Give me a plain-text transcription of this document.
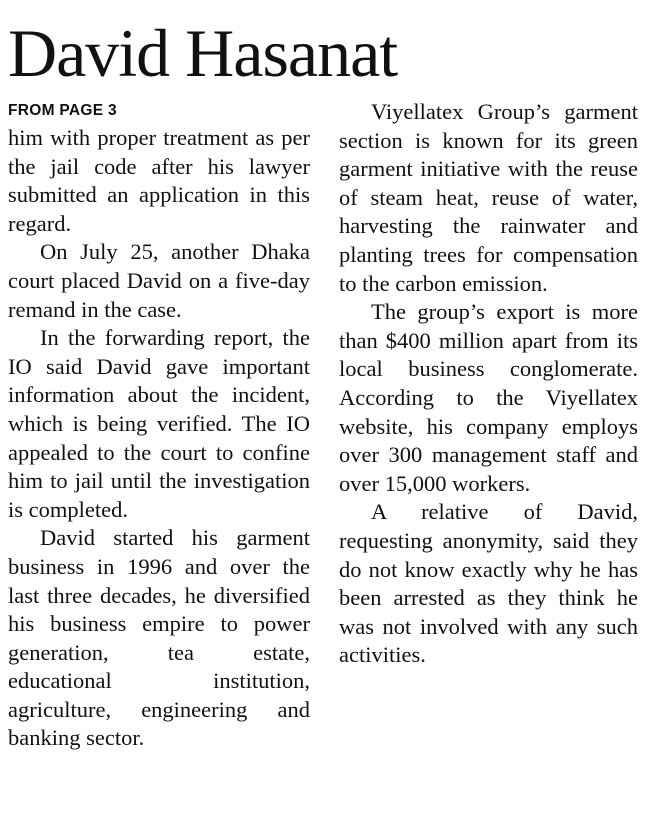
David Hasanat
FROM PAGE 3

him with proper treatment as per the jail code after his lawyer submitted an application in this regard.

On July 25, another Dhaka court placed David on a five-day remand in the case.

In the forwarding report, the IO said David gave important information about the incident, which is being verified. The IO appealed to the court to confine him to jail until the investigation is completed.

David started his garment business in 1996 and over the last three decades, he diversified his business empire to power generation, tea estate, educational institution, agriculture, engineering and banking sector.

Viyellatex Group’s garment section is known for its green garment initiative with the reuse of steam heat, reuse of water, harvesting the rainwater and planting trees for compensation to the carbon emission.

The group’s export is more than $400 million apart from its local business conglomerate. According to the Viyellatex website, his company employs over 300 management staff and over 15,000 workers.

A relative of David, requesting anonymity, said they do not know exactly why he has been arrested as they think he was not involved with any such activities.
